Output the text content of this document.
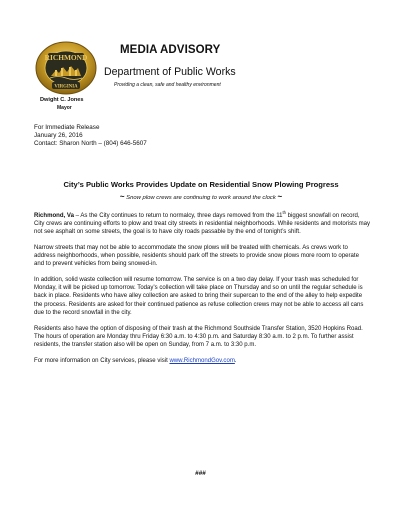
RICHMOND
VIRGINIA
Dwight C. Jones
Mayor
MEDIA ADVISORY
Department of Public Works
Providing a clean, safe and healthy environment
For Immediate Release
January 26, 2016
Contact: Sharon North – (804) 646-5607
City’s Public Works Provides Update on Residential Snow Plowing Progress
~ Snow plow crews are continuing to work around the clock ~

Richmond, Va – As the City continues to return to normalcy, three days removed from the 11th biggest snowfall on record, City crews are continuing efforts to plow and treat city streets in residential neighborhoods. While residents and motorists may not see asphalt on some streets, the goal is to have city roads passable by the end of tonight’s shift.

Narrow streets that may not be able to accommodate the snow plows will be treated with chemicals. As crews work to address neighborhoods, when possible, residents should park off the streets to provide snow plows more room to operate and to prevent vehicles from being snowed-in.

In addition, solid waste collection will resume tomorrow. The service is on a two day delay. If your trash was scheduled for Monday, it will be picked up tomorrow. Today’s collection will take place on Thursday and so on until the regular schedule is back in place. Residents who have alley collection are asked to bring their supercan to the end of the alley to help expedite the process. Residents are asked for their continued patience as refuse collection crews may not be able to access all cans due to the record snowfall in the city.

Residents also have the option of disposing of their trash at the Richmond Southside Transfer Station, 3520 Hopkins Road. The hours of operation are Monday thru Friday 6:30 a.m. to 4:30 p.m. and Saturday 8:30 a.m. to 2 p.m. To further assist residents, the transfer station also will be open on Sunday, from 7 a.m. to 3:30 p.m.

For more information on City services, please visit www.RichmondGov.com.

###
